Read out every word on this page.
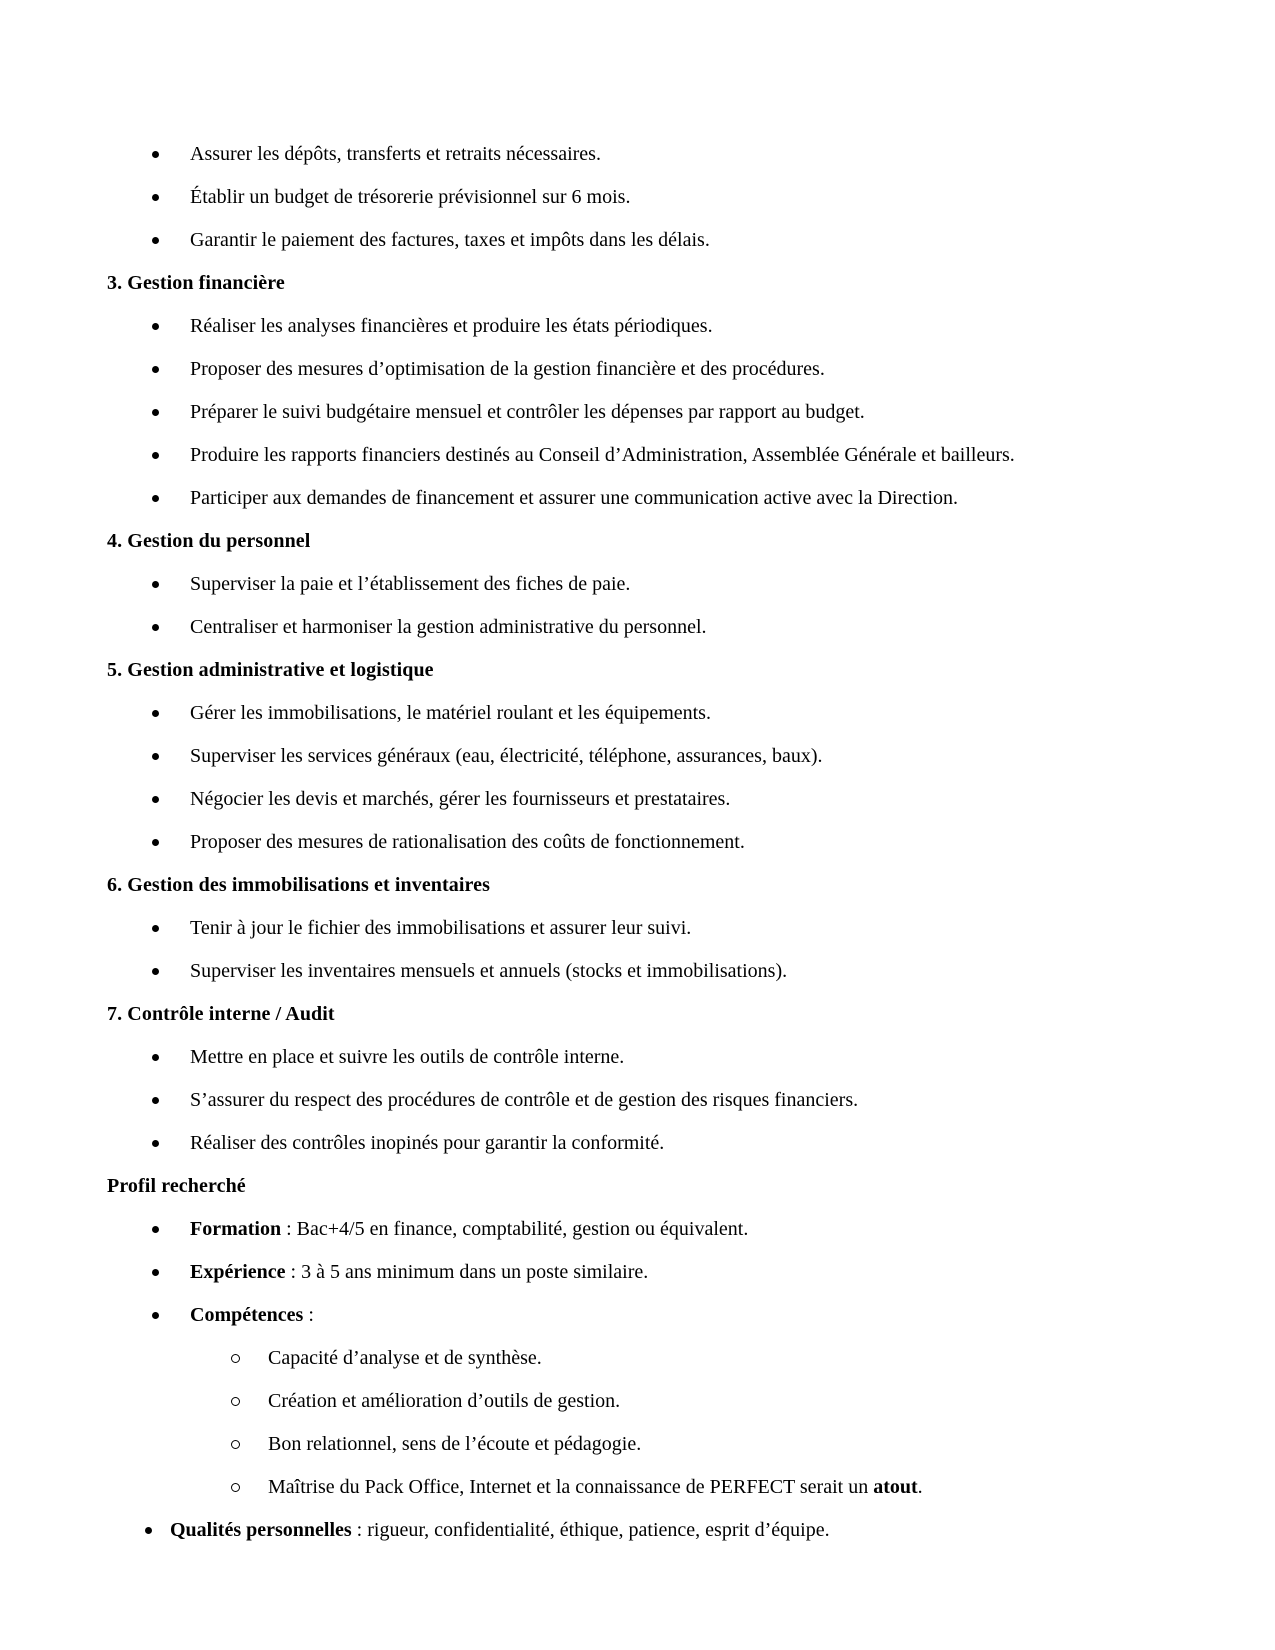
Assurer les dépôts, transferts et retraits nécessaires.
Établir un budget de trésorerie prévisionnel sur 6 mois.
Garantir le paiement des factures, taxes et impôts dans les délais.
3. Gestion financière
Réaliser les analyses financières et produire les états périodiques.
Proposer des mesures d’optimisation de la gestion financière et des procédures.
Préparer le suivi budgétaire mensuel et contrôler les dépenses par rapport au budget.
Produire les rapports financiers destinés au Conseil d’Administration, Assemblée Générale et bailleurs.
Participer aux demandes de financement et assurer une communication active avec la Direction.
4. Gestion du personnel
Superviser la paie et l’établissement des fiches de paie.
Centraliser et harmoniser la gestion administrative du personnel.
5. Gestion administrative et logistique
Gérer les immobilisations, le matériel roulant et les équipements.
Superviser les services généraux (eau, électricité, téléphone, assurances, baux).
Négocier les devis et marchés, gérer les fournisseurs et prestataires.
Proposer des mesures de rationalisation des coûts de fonctionnement.
6. Gestion des immobilisations et inventaires
Tenir à jour le fichier des immobilisations et assurer leur suivi.
Superviser les inventaires mensuels et annuels (stocks et immobilisations).
7. Contrôle interne / Audit
Mettre en place et suivre les outils de contrôle interne.
S’assurer du respect des procédures de contrôle et de gestion des risques financiers.
Réaliser des contrôles inopinés pour garantir la conformité.
Profil recherché
Formation : Bac+4/5 en finance, comptabilité, gestion ou équivalent.
Expérience : 3 à 5 ans minimum dans un poste similaire.
Compétences :
Capacité d’analyse et de synthèse.
Création et amélioration d’outils de gestion.
Bon relationnel, sens de l’écoute et pédagogie.
Maîtrise du Pack Office, Internet et la connaissance de PERFECT serait un atout.
Qualités personnelles : rigueur, confidentialité, éthique, patience, esprit d’équipe.
